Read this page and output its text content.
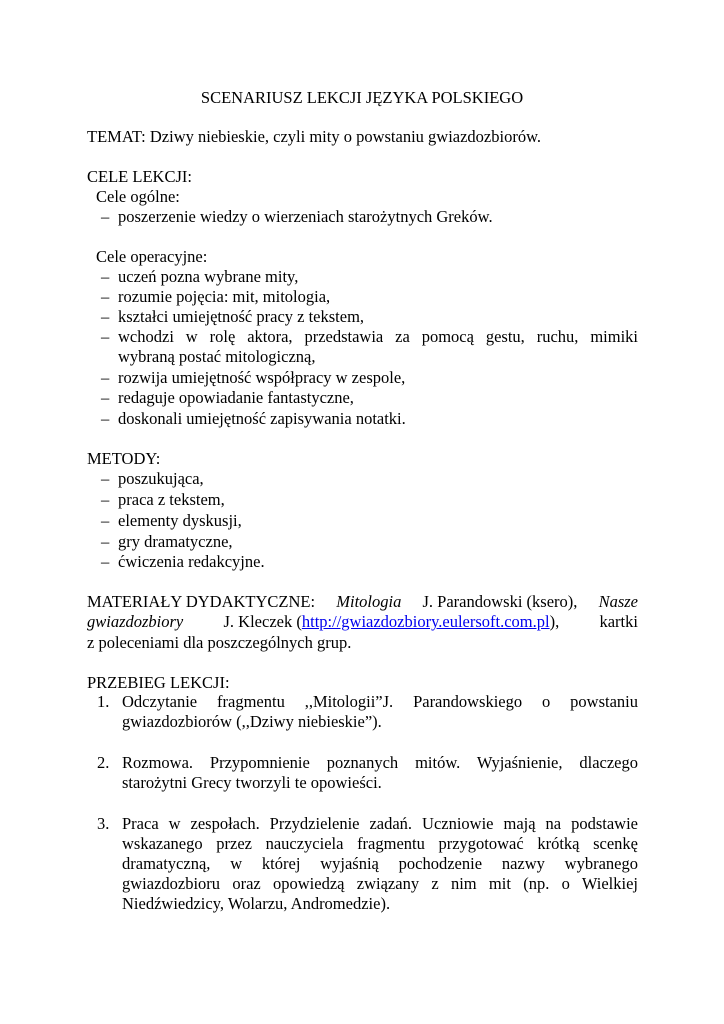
SCENARIUSZ LEKCJI JĘZYKA POLSKIEGO
TEMAT: Dziwy niebieskie, czyli mity o powstaniu gwiazdozbiorów.
CELE LEKCJI:
Cele ogólne:
– poszerzenie wiedzy o wierzeniach starożytnych Greków.
Cele operacyjne:
– uczeń pozna wybrane mity,
– rozumie pojęcia: mit, mitologia,
– kształci umiejętność pracy z tekstem,
– wchodzi w rolę aktora, przedstawia za pomocą gestu, ruchu, mimiki
wybraną postać mitologiczną,
– rozwija umiejętność współpracy w zespole,
– redaguje opowiadanie fantastyczne,
– doskonali umiejętność zapisywania notatki.
METODY:
– poszukująca,
– praca z tekstem,
– elementy dyskusji,
– gry dramatyczne,
– ćwiczenia redakcyjne.
MATERIAŁY DYDAKTYCZNE: Mitologia J. Parandowski (ksero), Nasze
gwiazdozbiory J. Kleczek (http://gwiazdozbiory.eulersoft.com.pl), kartki
z poleceniami dla poszczególnych grup.
PRZEBIEG LEKCJI:
1. Odczytanie fragmentu ,,Mitologii”J. Parandowskiego o powstaniu
gwiazdozbiorów (,,Dziwy niebieskie”).
2. Rozmowa. Przypomnienie poznanych mitów. Wyjaśnienie, dlaczego
starożytni Grecy tworzyli te opowieści.
3. Praca w zespołach. Przydzielenie zadań. Uczniowie mają na podstawie
wskazanego przez nauczyciela fragmentu przygotować krótką scenkę
dramatyczną, w której wyjaśnią pochodzenie nazwy wybranego
gwiazdozbioru oraz opowiedzą związany z nim mit (np. o Wielkiej
Niedźwiedzicy, Wolarzu, Andromedzie).
